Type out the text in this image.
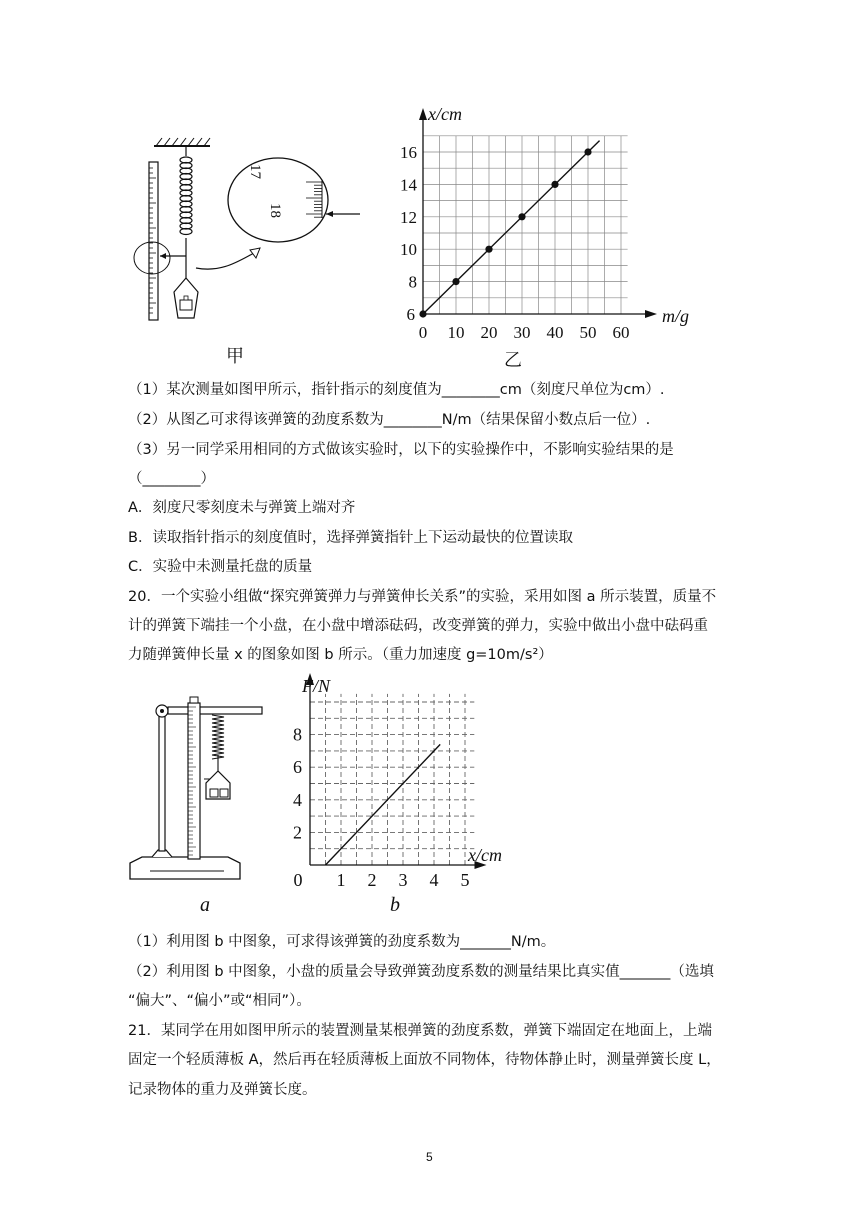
17
18
甲
0 10 20 30 40 50 60
6
8
10
12
14
16
x/cm
m/g
乙
（1）某次测量如图甲所示，指针指示的刻度值为________cm（刻度尺单位为cm）.
（2）从图乙可求得该弹簧的劲度系数为________N/m（结果保留小数点后一位）.
（3）另一同学采用相同的方式做该实验时，以下的实验操作中，不影响实验结果的是
（________）
A．刻度尺零刻度未与弹簧上端对齐
B．读取指针指示的刻度值时，选择弹簧指针上下运动最快的位置读取
C．实验中未测量托盘的质量
20．一个实验小组做“探究弹簧弹力与弹簧伸长关系”的实验，采用如图 a 所示装置，质量不
计的弹簧下端挂一个小盘，在小盘中增添砝码，改变弹簧的弹力，实验中做出小盘中砝码重
力随弹簧伸长量 x 的图象如图 b 所示。（重力加速度 g=10m/s²）
a
0 1 2 3 4 5
2
4
6
8
F/N
x/cm
b
（1）利用图 b 中图象，可求得该弹簧的劲度系数为_______N/m。
（2）利用图 b 中图象，小盘的质量会导致弹簧劲度系数的测量结果比真实值_______（选填
“偏大”、“偏小”或“相同”）。
21．某同学在用如图甲所示的装置测量某根弹簧的劲度系数，弹簧下端固定在地面上，上端
固定一个轻质薄板 A，然后再在轻质薄板上面放不同物体，待物体静止时，测量弹簧长度 L，
记录物体的重力及弹簧长度。
5
